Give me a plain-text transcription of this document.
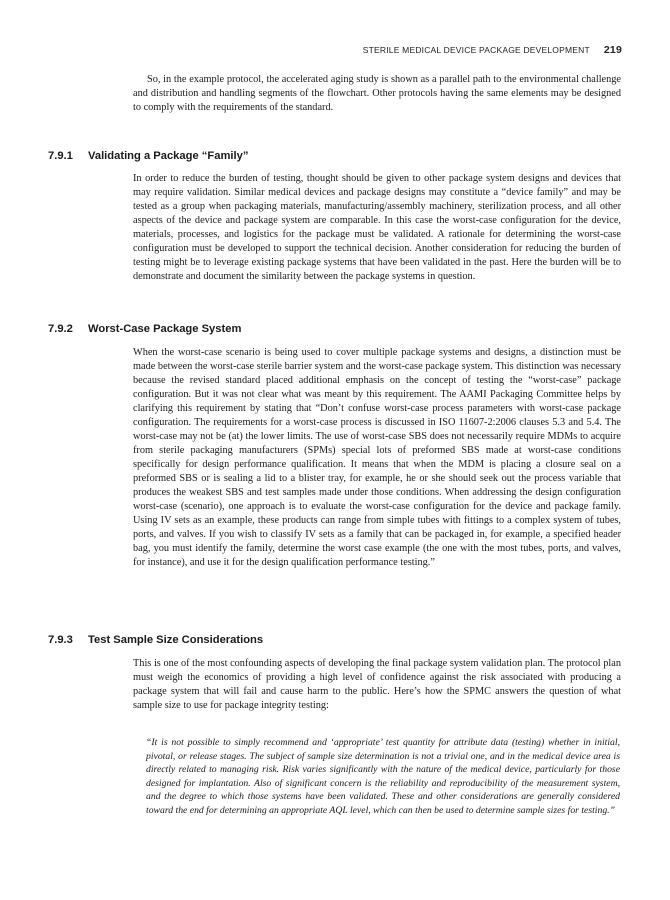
STERILE MEDICAL DEVICE PACKAGE DEVELOPMENT 219

So, in the example protocol, the accelerated aging study is shown as a parallel path to the environmental challenge and distribution and handling segments of the flowchart. Other protocols having the same elements may be designed to comply with the requirements of the standard.

7.9.1 Validating a Package “Family”

In order to reduce the burden of testing, thought should be given to other package system designs and devices that may require validation. Similar medical devices and package designs may constitute a “device family” and may be tested as a group when packaging materials, manufacturing/assembly machinery, sterilization process, and all other aspects of the device and package system are comparable. In this case the worst-case configuration for the device, materials, processes, and logistics for the package must be validated. A rationale for determining the worst-case configuration must be developed to support the technical decision. Another consideration for reducing the burden of testing might be to leverage existing package systems that have been validated in the past. Here the burden will be to demonstrate and document the similarity between the package systems in question.

7.9.2 Worst-Case Package System

When the worst-case scenario is being used to cover multiple package systems and designs, a distinction must be made between the worst-case sterile barrier system and the worst-case package system. This distinction was necessary because the revised standard placed additional emphasis on the concept of testing the “worst-case” package configuration. But it was not clear what was meant by this requirement. The AAMI Packaging Committee helps by clarifying this requirement by stating that “Don’t confuse worst-case process parameters with worst-case package configuration. The requirements for a worst-case process is discussed in ISO 11607-2:2006 clauses 5.3 and 5.4. The worst-case may not be (at) the lower limits. The use of worst-case SBS does not necessarily require MDMs to acquire from sterile packaging manufacturers (SPMs) special lots of preformed SBS made at worst-case conditions specifically for design performance qualification. It means that when the MDM is placing a closure seal on a preformed SBS or is sealing a lid to a blister tray, for example, he or she should seek out the process variable that produces the weakest SBS and test samples made under those conditions. When addressing the design configuration worst-case (scenario), one approach is to evaluate the worst-case configuration for the device and package family. Using IV sets as an example, these products can range from simple tubes with fittings to a complex system of tubes, ports, and valves. If you wish to classify IV sets as a family that can be packaged in, for example, a specified header bag, you must identify the family, determine the worst case example (the one with the most tubes, ports, and valves, for instance), and use it for the design qualification performance testing.”

7.9.3 Test Sample Size Considerations

This is one of the most confounding aspects of developing the final package system validation plan. The protocol plan must weigh the economics of providing a high level of confidence against the risk associated with producing a package system that will fail and cause harm to the public. Here’s how the SPMC answers the question of what sample size to use for package integrity testing:

“It is not possible to simply recommend and ‘appropriate’ test quantity for attribute data (testing) whether in initial, pivotal, or release stages. The subject of sample size determination is not a trivial one, and in the medical device area is directly related to managing risk. Risk varies significantly with the nature of the medical device, particularly for those designed for implantation. Also of significant concern is the reliability and reproducibility of the measurement system, and the degree to which those systems have been validated. These and other considerations are generally considered toward the end for determining an appropriate AQL level, which can then be used to determine sample sizes for testing.”
